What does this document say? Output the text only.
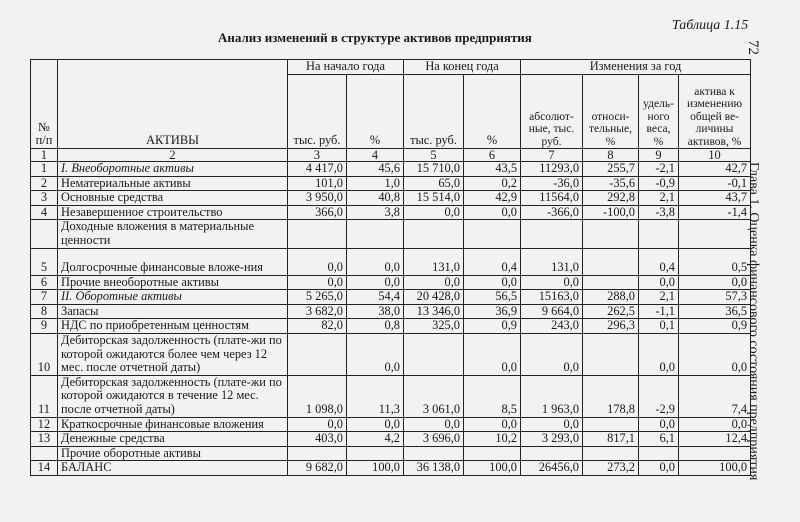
Таблица 1.15
72
Глава 1. Оценка финансового состояния предприятия
Анализ изменений в структуре активов предприятия
№ п/п	АКТИВЫ	На начало года		На конец года		Изменения за год			
		тыс. руб.	%	тыс. руб.	%	абсолют-ные, тыс. руб.	относи-тельные, %	удель-ного веса, %	актива к изменению общей ве-личины активов, %
1	2	3	4	5	6	7	8	9	10
1	I. Внеоборотные активы	4 417,0	45,6	15 710,0	43,5	11293,0	255,7	-2,1	42,7
2	Нематериальные активы	101,0	1,0	65,0	0,2	-36,0	-35,6	-0,9	-0,1
3	Основные средства	3 950,0	40,8	15 514,0	42,9	11564,0	292,8	2,1	43,7
4	Незавершенное строительство	366,0	3,8	0,0	0,0	-366,0	-100,0	-3,8	-1,4
	Доходные вложения в материальные ценности								
5	Долгосрочные финансовые вложе-ния	0,0	0,0	131,0	0,4	131,0		0,4	0,5
6	Прочие внеоборотные активы	0,0	0,0	0,0	0,0	0,0		0,0	0,0
7	II. Оборотные активы	5 265,0	54,4	20 428,0	56,5	15163,0	288,0	2,1	57,3
8	Запасы	3 682,0	38,0	13 346,0	36,9	9 664,0	262,5	-1,1	36,5
9	НДС по приобретенным ценностям	82,0	0,8	325,0	0,9	243,0	296,3	0,1	0,9
10	Дебиторская задолженность (плате-жи по которой ожидаются более чем через 12 мес. после отчетной даты)		0,0		0,0	0,0		0,0	0,0
11	Дебиторская задолженность (плате-жи по которой ожидаются в течение 12 мес. после отчетной даты)	1 098,0	11,3	3 061,0	8,5	1 963,0	178,8	-2,9	7,4
12	Краткосрочные финансовые вложения	0,0	0,0	0,0	0,0	0,0		0,0	0,0
13	Денежные средства	403,0	4,2	3 696,0	10,2	3 293,0	817,1	6,1	12,4
	Прочие оборотные активы								
14	БАЛАНС	9 682,0	100,0	36 138,0	100,0	26456,0	273,2	0,0	100,0
